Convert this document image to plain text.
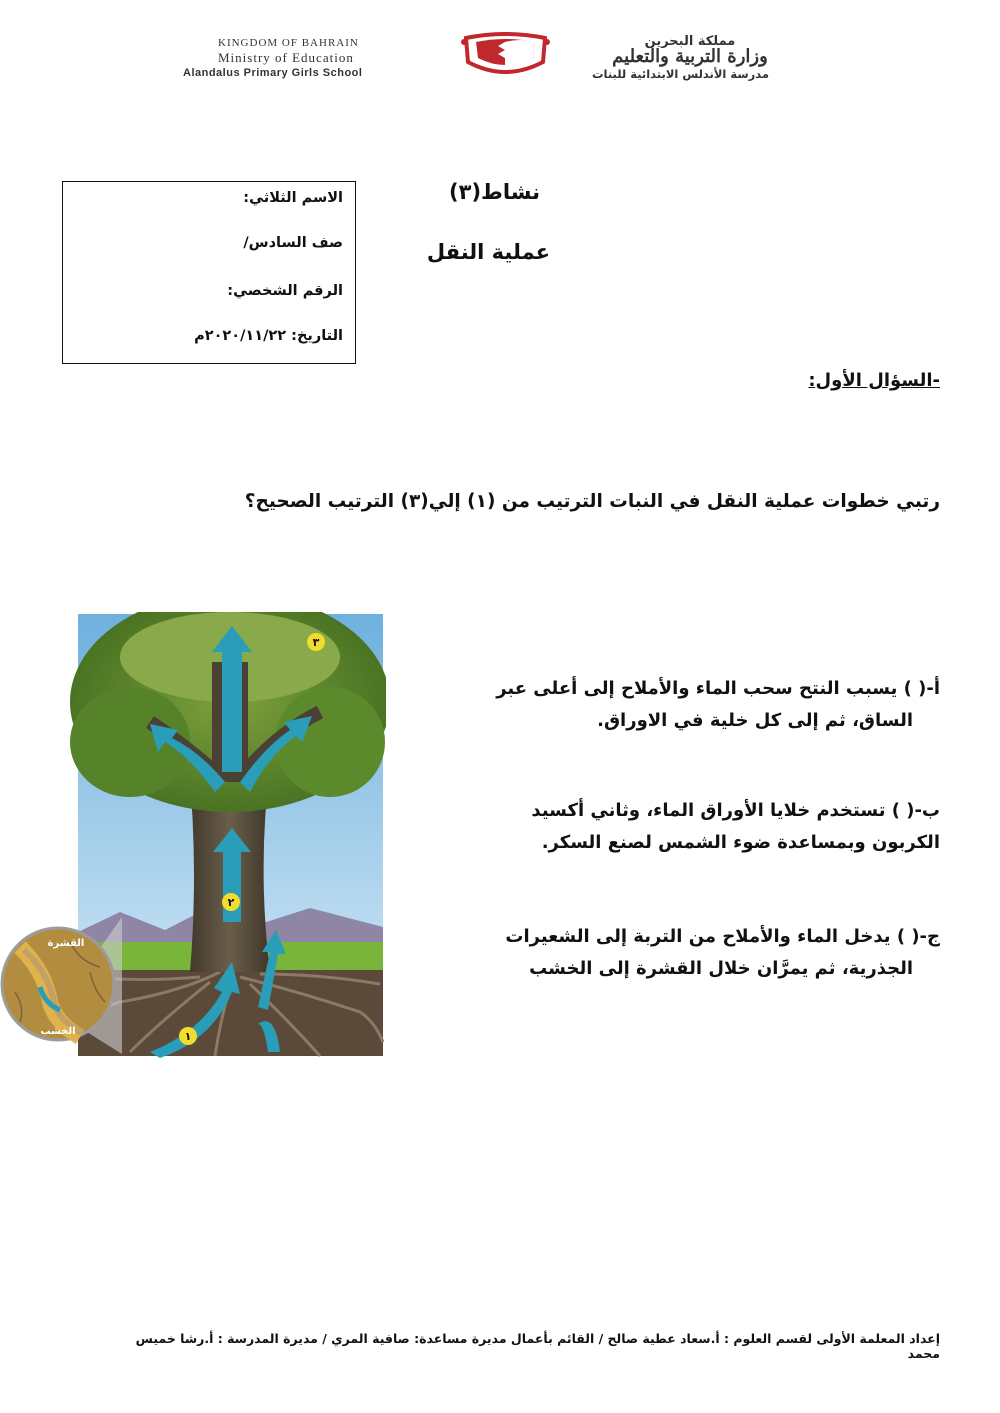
KINGDOM OF BAHRAIN
Ministry of Education
Alandalus Primary Girls School
مملكة البحرين
وزارة التربية والتعليم
مدرسة الأندلس الابتدائية للبنات
نشاط(٣)
عملية النقل
الاسم الثلاثي:
صف السادس/
الرقم الشخصي:
التاريخ: ٢٠٢٠/١١/٢٢م
-السؤال الأول:
رتبي خطوات عملية النقل في النبات الترتيب من (١) إلي(٣) الترتيب الصحيح؟
أ-( ) يسبب النتح سحب الماء والأملاح إلى أعلى عبر
الساق، ثم إلى كل خلية في الاوراق.
ب-( ) تستخدم خلايا الأوراق الماء، وثاني أكسيد
الكربون وبمساعدة ضوء الشمس لصنع السكر.
ج-( ) يدخل الماء والأملاح من التربة إلى الشعيرات
الجذرية، ثم يمرَّان خلال القشرة إلى الخشب
٣
٢
١
القشرة
الخشب
إعداد المعلمة الأولى لقسم العلوم : أ.سعاد عطية صالح / القائم بأعمال مديرة مساعدة: صافية المري / مديرة المدرسة : أ.رشا خميس محمد
